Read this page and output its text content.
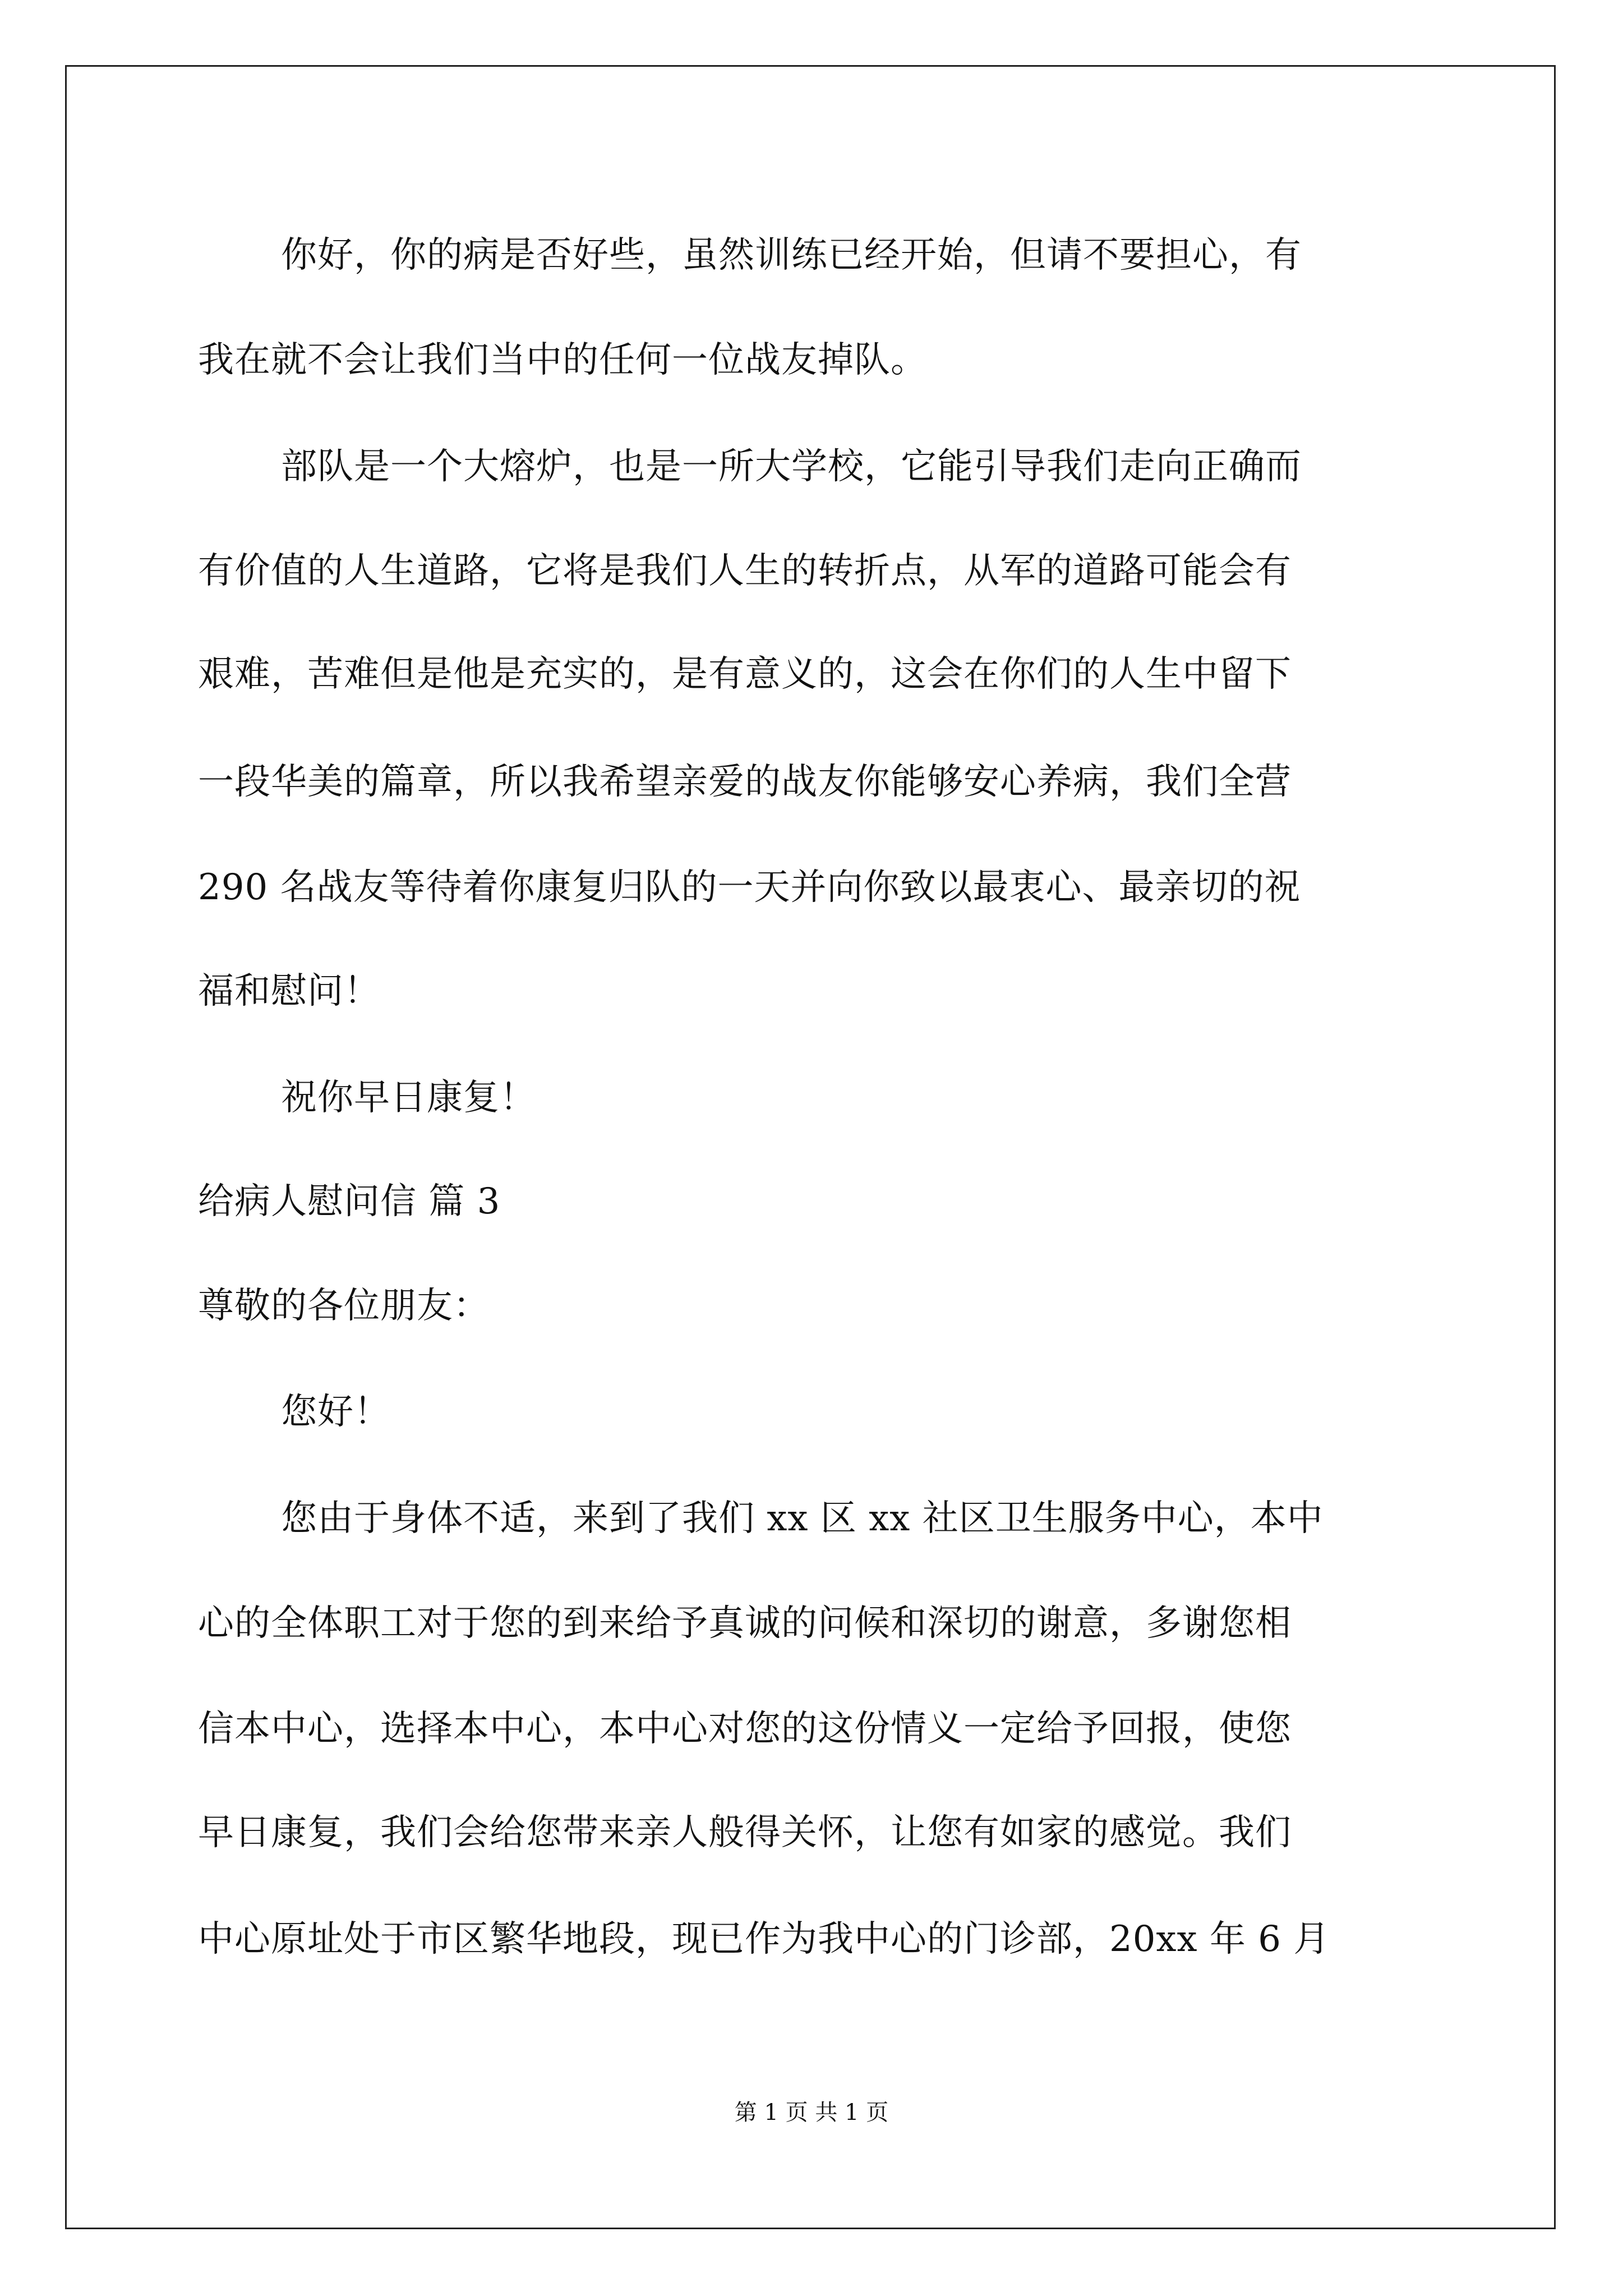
你好，你的病是否好些，虽然训练已经开始，但请不要担心，有
我在就不会让我们当中的任何一位战友掉队。
部队是一个大熔炉，也是一所大学校，它能引导我们走向正确而
有价值的人生道路，它将是我们人生的转折点，从军的道路可能会有
艰难，苦难但是他是充实的，是有意义的，这会在你们的人生中留下
一段华美的篇章，所以我希望亲爱的战友你能够安心养病，我们全营
290 名战友等待着你康复归队的一天并向你致以最衷心、最亲切的祝
福和慰问！
祝你早日康复！
给病人慰问信 篇 3
尊敬的各位朋友：
您好！
您由于身体不适，来到了我们 xx 区 xx 社区卫生服务中心，本中
心的全体职工对于您的到来给予真诚的问候和深切的谢意，多谢您相
信本中心，选择本中心，本中心对您的这份情义一定给予回报，使您
早日康复，我们会给您带来亲人般得关怀，让您有如家的感觉。我们
中心原址处于市区繁华地段，现已作为我中心的门诊部，20xx 年 6 月
第 1 页 共 1 页
